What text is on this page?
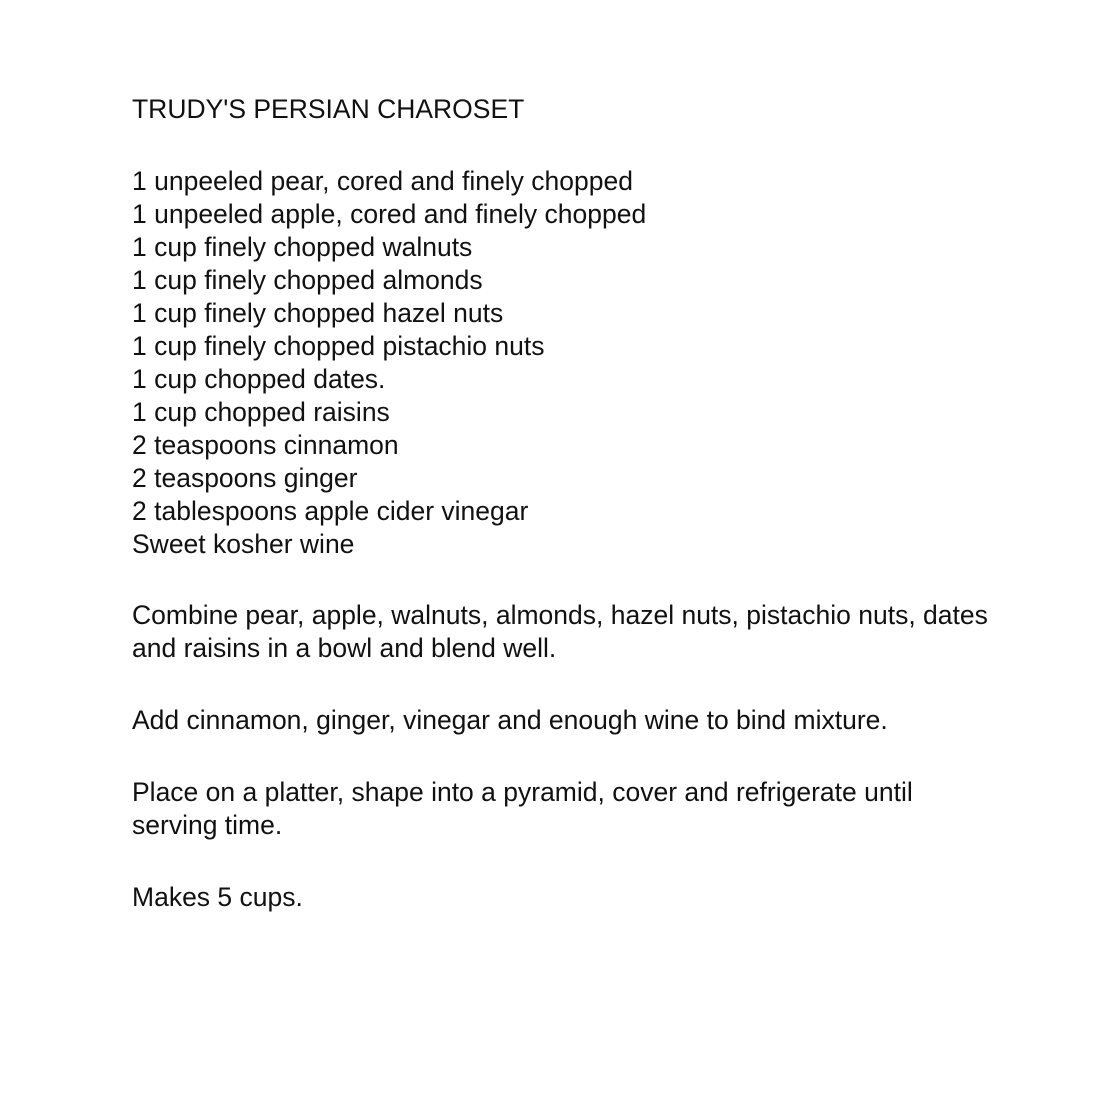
TRUDY'S PERSIAN CHAROSET
1 unpeeled pear, cored and finely chopped
1 unpeeled apple, cored and finely chopped
1 cup finely chopped walnuts
1 cup finely chopped almonds
1 cup finely chopped hazel nuts
1 cup finely chopped pistachio nuts
1 cup chopped dates.
1 cup chopped raisins
2 teaspoons cinnamon
2 teaspoons ginger
2 tablespoons apple cider vinegar
Sweet kosher wine

Combine pear, apple, walnuts, almonds, hazel nuts, pistachio nuts, dates and raisins in a bowl and blend well.

Add cinnamon, ginger, vinegar and enough wine to bind mixture.

Place on a platter, shape into a pyramid, cover and refrigerate until serving time.

Makes 5 cups.
